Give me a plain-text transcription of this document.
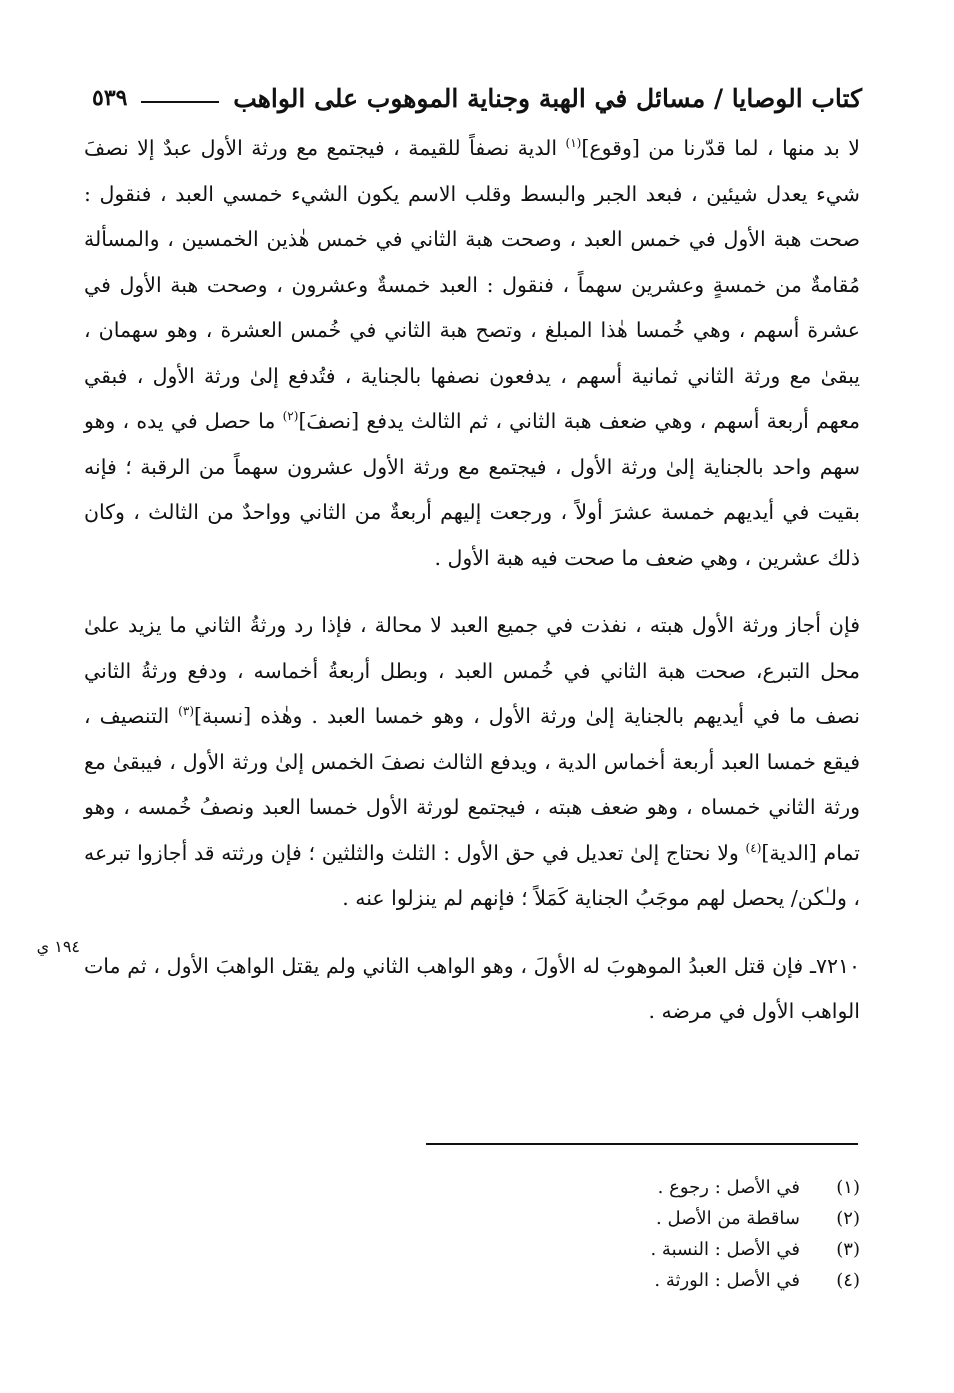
كتاب الوصايا / مسائل في الهبة وجناية الموهوب على الواهب
٥٣٩

لا بد منها ، لما قدّرنا من [وقوع]$^{(١)}$ الدية نصفاً للقيمة ، فيجتمع مع ورثة الأول عبدٌ إلا نصفَ شيء يعدل شيئين ، فبعد الجبر والبسط وقلب الاسم يكون الشيء خمسي العبد ، فنقول : صحت هبة الأول في خمس العبد ، وصحت هبة الثاني في خمس هٰذين الخمسين ، والمسألة مُقامةٌ من خمسةٍ وعشرين سهماً ، فنقول : العبد خمسةٌ وعشرون ، وصحت هبة الأول في عشرة أسهم ، وهي خُمسا هٰذا المبلغ ، وتصح هبة الثاني في خُمس العشرة ، وهو سهمان ، يبقىٰ مع ورثة الثاني ثمانية أسهم ، يدفعون نصفها بالجناية ، فتُدفع إلىٰ ورثة الأول ، فبقي معهم أربعة أسهم ، وهي ضعف هبة الثاني ، ثم الثالث يدفع [نصفَ]$^{(٢)}$ ما حصل في يده ، وهو سهم واحد بالجناية إلىٰ ورثة الأول ، فيجتمع مع ورثة الأول عشرون سهماً من الرقبة ؛ فإنه بقيت في أيديهم خمسة عشرَ أولاً ، ورجعت إليهم أربعةٌ من الثاني وواحدٌ من الثالث ، وكان ذلك عشرين ، وهي ضعف ما صحت فيه هبة الأول .

فإن أجاز ورثة الأول هبته ، نفذت في جميع العبد لا محالة ، فإذا رد ورثةُ الثاني ما يزيد علىٰ محل التبرع، صحت هبة الثاني في خُمس العبد ، وبطل أربعةُ أخماسه ، ودفع ورثةُ الثاني نصف ما في أيديهم بالجناية إلىٰ ورثة الأول ، وهو خمسا العبد . وهٰذه [نسبة]$^{(٣)}$ التنصيف ، فيقع خمسا العبد أربعة أخماس الدية ، ويدفع الثالث نصفَ الخمس إلىٰ ورثة الأول ، فيبقىٰ مع ورثة الثاني خمساه ، وهو ضعف هبته ، فيجتمع لورثة الأول خمسا العبد ونصفُ خُمسه ، وهو تمام [الدية]$^{(٤)}$ ولا نحتاج إلىٰ تعديل في حق الأول : الثلث والثلثين ؛ فإن ورثته قد أجازوا تبرعه ، ولـٰكن/ يحصل لهم موجَبُ الجناية كَمَلاً ؛ فإنهم لم ينزلوا عنه .

٧٢١٠ـ فإن قتل العبدُ الموهوبَ له الأولَ ، وهو الواهب الثاني ولم يقتل الواهبَ الأول ، ثم مات الواهب الأول في مرضه .

١٩٤ ي
(١)
في الأصل : رجوع .
(٢)
ساقطة من الأصل .
(٣)
في الأصل : النسبة .
(٤)
في الأصل : الورثة .
